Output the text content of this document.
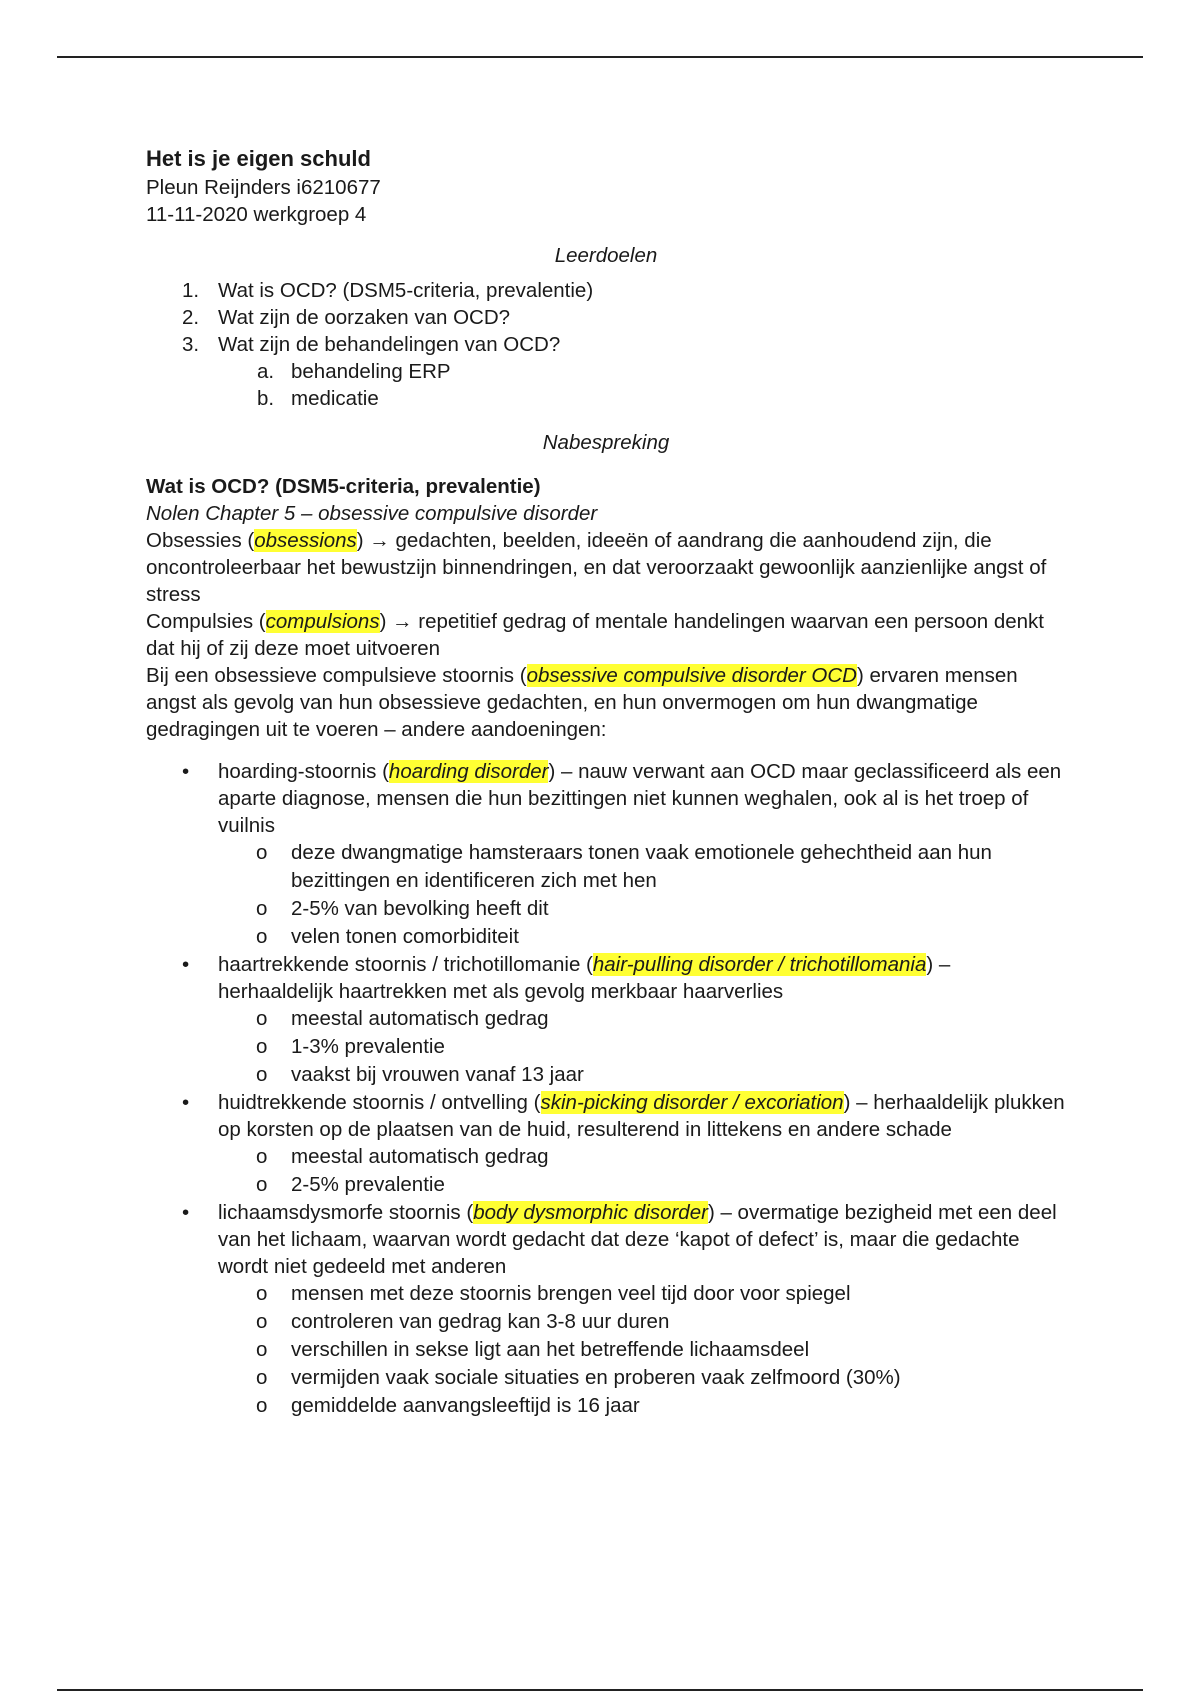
Het is je eigen schuld
Pleun Reijnders i6210677
11-11-2020 werkgroep 4
Leerdoelen
1. Wat is OCD? (DSM5-criteria, prevalentie)
2. Wat zijn de oorzaken van OCD?
3. Wat zijn de behandelingen van OCD?
a. behandeling ERP
b. medicatie
Nabespreking
Wat is OCD? (DSM5-criteria, prevalentie)
Nolen Chapter 5 – obsessive compulsive disorder

Obsessies (obsessions) → gedachten, beelden, ideeën of aandrang die aanhoudend zijn, die oncontroleerbaar het bewustzijn binnendringen, en dat veroorzaakt gewoonlijk aanzienlijke angst of stress

Compulsies (compulsions) → repetitief gedrag of mentale handelingen waarvan een persoon denkt dat hij of zij deze moet uitvoeren

Bij een obsessieve compulsieve stoornis (obsessive compulsive disorder OCD) ervaren mensen angst als gevolg van hun obsessieve gedachten, en hun onvermogen om hun dwangmatige gedragingen uit te voeren – andere aandoeningen:

• hoarding-stoornis (hoarding disorder) – nauw verwant aan OCD maar geclassificeerd als een aparte diagnose, mensen die hun bezittingen niet kunnen weghalen, ook al is het troep of vuilnis
o deze dwangmatige hamsteraars tonen vaak emotionele gehechtheid aan hun bezittingen en identificeren zich met hen
o 2-5% van bevolking heeft dit
o velen tonen comorbiditeit
• haartrekkende stoornis / trichotillomanie (hair-pulling disorder / trichotillomania) – herhaaldelijk haartrekken met als gevolg merkbaar haarverlies
o meestal automatisch gedrag
o 1-3% prevalentie
o vaakst bij vrouwen vanaf 13 jaar
• huidtrekkende stoornis / ontvelling (skin-picking disorder / excoriation) – herhaaldelijk plukken op korsten op de plaatsen van de huid, resulterend in littekens en andere schade
o meestal automatisch gedrag
o 2-5% prevalentie
• lichaamsdysmorfe stoornis (body dysmorphic disorder) – overmatige bezigheid met een deel van het lichaam, waarvan wordt gedacht dat deze ‘kapot of defect’ is, maar die gedachte wordt niet gedeeld met anderen
o mensen met deze stoornis brengen veel tijd door voor spiegel
o controleren van gedrag kan 3-8 uur duren
o verschillen in sekse ligt aan het betreffende lichaamsdeel
o vermijden vaak sociale situaties en proberen vaak zelfmoord (30%)
o gemiddelde aanvangsleeftijd is 16 jaar
